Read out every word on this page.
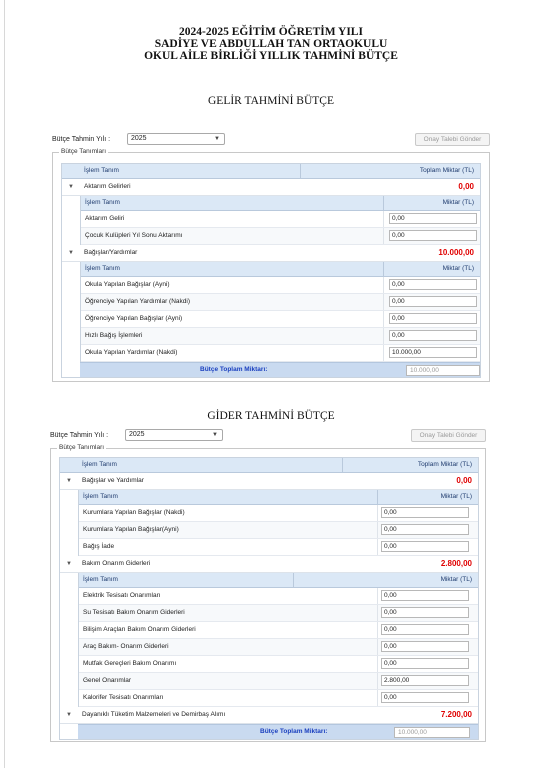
2024-2025 EĞİTİM ÖĞRETİM YILI
SADİYE VE ABDULLAH TAN ORTAOKULU
OKUL AİLE BİRLİĞİ YILLIK TAHMİNİ BÜTÇE
GELİR TAHMİNİ BÜTÇE
Bütçe Tahmin Yılı :	2025	▼	Onay Talebi Gönder
Bütçe Tanımları
İşlem Tanım	Toplam Miktar (TL)
▼ Aktarım Gelirleri	0,00
İşlem Tanım	Miktar (TL)
Aktarım Geliri	0,00
Çocuk Kulüpleri Yıl Sonu Aktarımı	0,00
▼ Bağışlar/Yardımlar	10.000,00
İşlem Tanım	Miktar (TL)
Okula Yapılan Bağışlar (Ayni)	0,00
Öğrenciye Yapılan Yardımlar (Nakdi)	0,00
Öğrenciye Yapılan Bağışlar (Ayni)	0,00
Hızlı Bağış İşlemleri	0,00
Okula Yapılan Yardımlar (Nakdi)	10.000,00
Bütçe Toplam Miktarı:	10.000,00
GİDER TAHMİNİ BÜTÇE
Bütçe Tahmin Yılı :	2025	▼	Onay Talebi Gönder
Bütçe Tanımları
İşlem Tanım	Toplam Miktar (TL)
▼ Bağışlar ve Yardımlar	0,00
İşlem Tanım	Miktar (TL)
Kurumlara Yapılan Bağışlar (Nakdi)	0,00
Kurumlara Yapılan Bağışlar(Ayni)	0,00
Bağış İade	0,00
▼ Bakım Onarım Giderleri	2.800,00
İşlem Tanım	Miktar (TL)
Elektrik Tesisatı Onarımları	0,00
Su Tesisatı Bakım Onarım Giderleri	0,00
Bilişim Araçları Bakım Onarım Giderleri	0,00
Araç Bakım- Onarım Giderleri	0,00
Mutfak Gereçleri Bakım Onarımı	0,00
Genel Onarımlar	2.800,00
Kalorifer Tesisatı Onarımları	0,00
▼ Dayanıklı Tüketim Malzemeleri ve Demirbaş Alımı	7.200,00
Bütçe Toplam Miktarı:	10.000,00
